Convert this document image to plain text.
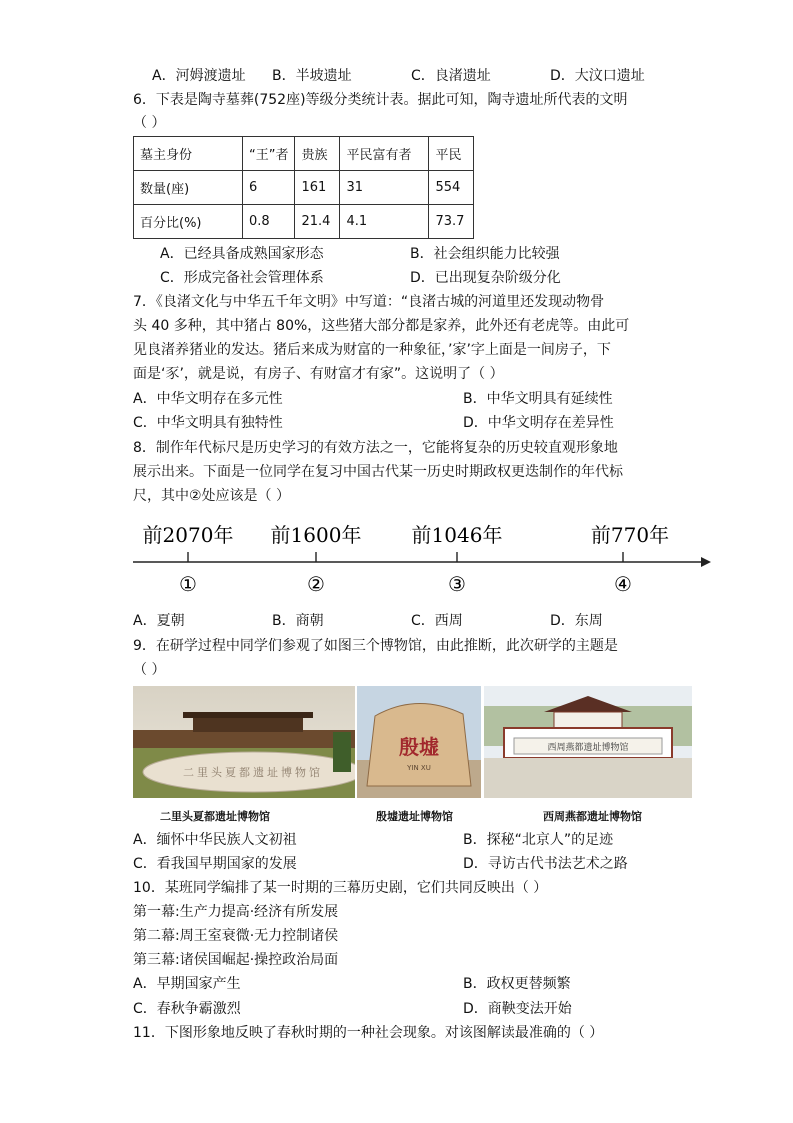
A．河姆渡遗址 B．半坡遗址	C．良渚遗址	D．大汶口遗址
6．下表是陶寺墓葬(752座)等级分类统计表。据此可知，陶寺遗址所代表的文明
（ ）
墓主身份	“王”者	贵族	平民富有者	平民
数量(座)	6	161	31	554
百分比(%)	0.8	21.4	4.1	73.7
A．已经具备成熟国家形态	B．社会组织能力比较强
C．形成完备社会管理体系	D．已出现复杂阶级分化
7．《良渚文化与中华五千年文明》中写道：“良渚古城的河道里还发现动物骨
头 40 多种，其中猪占 80%，这些猪大部分都是家养，此外还有老虎等。由此可
见良渚养猪业的发达。猪后来成为财富的一种象征，’家’字上面是一间房子，下
面是‘豕’，就是说，有房子、有财富才有家”。这说明了（ ）
A．中华文明存在多元性	B．中华文明具有延续性
C．中华文明具有独特性	D．中华文明存在差异性
8．制作年代标尺是历史学习的有效方法之一，它能将复杂的历史较直观形象地
展示出来。下面是一位同学在复习中国古代某一历史时期政权更迭制作的年代标
尺，其中②处应该是（ ）
前2070年 前1600年	前1046年	前770年
①	②	③	④
A．夏朝	B．商朝	C．西周	D．东周
9．在研学过程中同学们参观了如图三个博物馆，由此推断，此次研学的主题是
（ ）
二里头夏都遗址博物馆
殷墟
YIN XU
西周燕都遗址博物馆
二里头夏都遗址博物馆	殷墟遗址博物馆	西周燕都遗址博物馆
A．缅怀中华民族人文初祖	B．探秘“北京人”的足迹
C．看我国早期国家的发展	D．寻访古代书法艺术之路
10．某班同学编排了某一时期的三幕历史剧，它们共同反映出（ ）
第一幕:生产力提高·经济有所发展
第二幕:周王室衰微·无力控制诸侯
第三幕:诸侯国崛起·操控政治局面
A．早期国家产生	B．政权更替频繁
C．春秋争霸激烈	D．商鞅变法开始
11．下图形象地反映了春秋时期的一种社会现象。对该图解读最准确的（ ）
